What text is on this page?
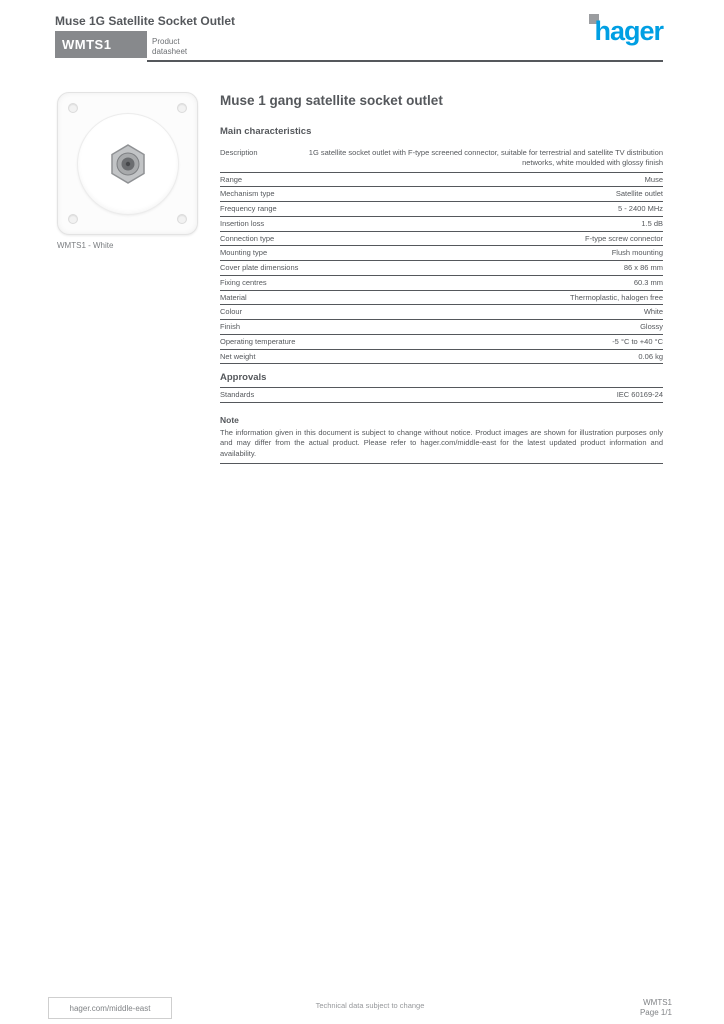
Muse 1G Satellite Socket Outlet
WMTS1	Product
datasheet
hager
WMTS1 - White
Muse 1 gang satellite socket outlet
Main characteristics
Description	1G satellite socket outlet with F-type screened connector, suitable for terrestrial and satellite TV distribution networks, white moulded with glossy finish
Range	Muse
Mechanism type	Satellite outlet
Frequency range	5 - 2400 MHz
Insertion loss	1.5 dB
Connection type	F-type screw connector
Mounting type	Flush mounting
Cover plate dimensions	86 x 86 mm
Fixing centres	60.3 mm
Material	Thermoplastic, halogen free
Colour	White
Finish	Glossy
Operating temperature	-5 °C to +40 °C
Net weight	0.06 kg
Approvals
Standards	IEC 60169-24
Note
The information given in this document is subject to change without notice. Product images are shown for illustration purposes only and may differ from the actual product. Please refer to hager.com/middle-east for the latest updated product information and availability.
hager.com/middle-east	Technical data subject to change	WMTS1
Page 1/1
